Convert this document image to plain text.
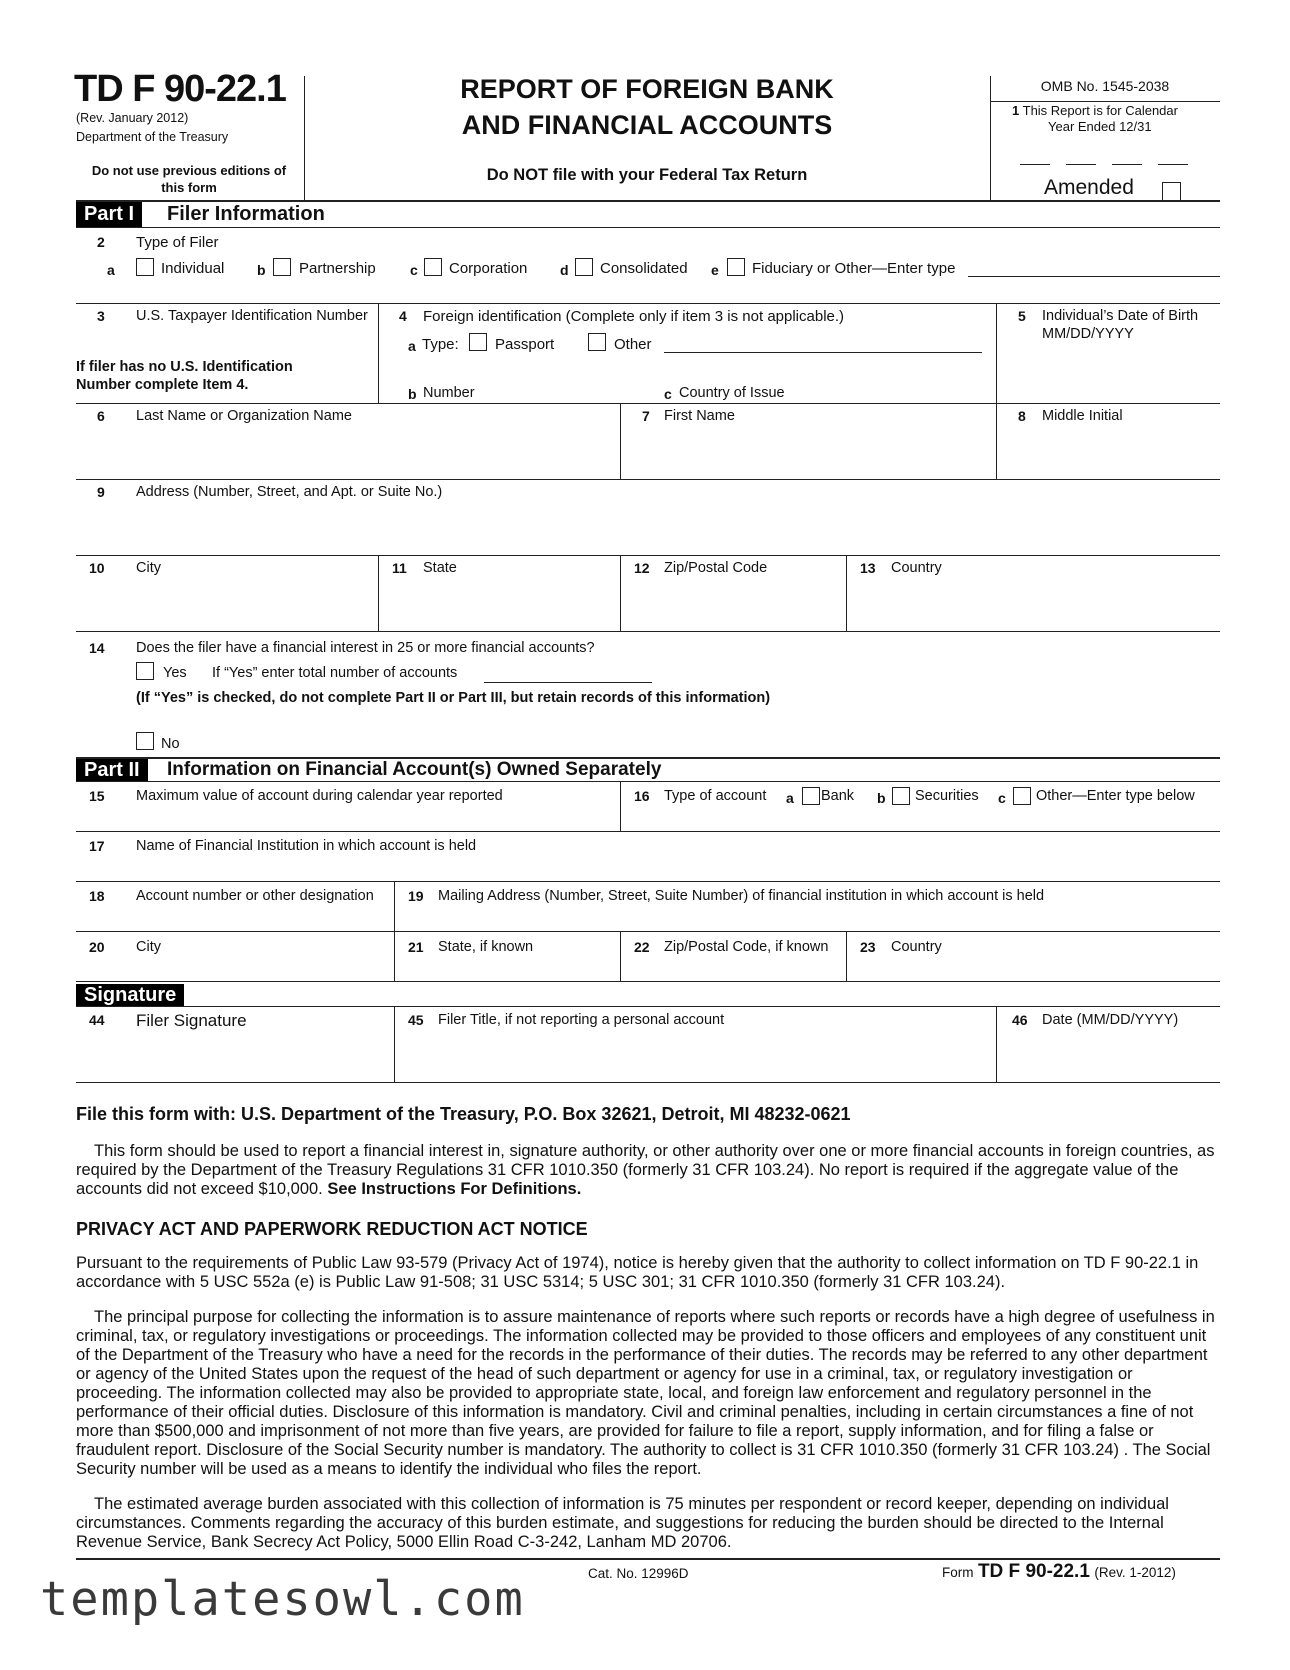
TD F 90-22.1
(Rev. January 2012)
Department of the Treasury
Do not use previous editions of this form
REPORT OF FOREIGN BANK
AND FINANCIAL ACCOUNTS
Do NOT file with your Federal Tax Return
OMB No. 1545-2038
1 This Report is for Calendar
Year Ended 12/31
Amended
Part I	Filer Information
2 Type of Filer
a	Individual b Partnership c Corporation d Consolidated e Fiduciary or Other—Enter type
3 U.S. Taxpayer Identification Number
If filer has no U.S. Identification Number complete Item 4.
4 Foreign identification (Complete only if item 3 is not applicable.)
a Type: Passport	Other
b Number	c Country of Issue
5 Individual’s Date of Birth
MM/DD/YYYY
6 Last Name or Organization Name	7 First Name	8 Middle Initial
9 Address (Number, Street, and Apt. or Suite No.)
10 City	11 State	12 Zip/Postal Code	13 Country
14 Does the filer have a financial interest in 25 or more financial accounts?
Yes If “Yes” enter total number of accounts
(If “Yes” is checked, do not complete Part II or Part III, but retain records of this information)
No
Part II	Information on Financial Account(s) Owned Separately
15 Maximum value of account during calendar year reported	16 Type of account a Bank b Securities c Other—Enter type below
17 Name of Financial Institution in which account is held
18 Account number or other designation 19 Mailing Address (Number, Street, Suite Number) of financial institution in which account is held
20 City	21 State, if known	22 Zip/Postal Code, if known 23 Country
Signature
44 Filer Signature	45 Filer Title, if not reporting a personal account	46 Date (MM/DD/YYYY)
File this form with: U.S. Department of the Treasury, P.O. Box 32621, Detroit, MI 48232-0621
This form should be used to report a financial interest in, signature authority, or other authority over one or more financial accounts in foreign countries, as required by the Department of the Treasury Regulations 31 CFR 1010.350 (formerly 31 CFR 103.24). No report is required if the aggregate value of the accounts did not exceed $10,000. See Instructions For Definitions.
PRIVACY ACT AND PAPERWORK REDUCTION ACT NOTICE
Pursuant to the requirements of Public Law 93-579 (Privacy Act of 1974), notice is hereby given that the authority to collect information on TD F 90-22.1 in accordance with 5 USC 552a (e) is Public Law 91-508; 31 USC 5314; 5 USC 301; 31 CFR 1010.350 (formerly 31 CFR 103.24).
The principal purpose for collecting the information is to assure maintenance of reports where such reports or records have a high degree of usefulness in criminal, tax, or regulatory investigations or proceedings. The information collected may be provided to those officers and employees of any constituent unit of the Department of the Treasury who have a need for the records in the performance of their duties. The records may be referred to any other department or agency of the United States upon the request of the head of such department or agency for use in a criminal, tax, or regulatory investigation or proceeding. The information collected may also be provided to appropriate state, local, and foreign law enforcement and regulatory personnel in the performance of their official duties. Disclosure of this information is mandatory. Civil and criminal penalties, including in certain circumstances a fine of not more than $500,000 and imprisonment of not more than five years, are provided for failure to file a report, supply information, and for filing a false or fraudulent report. Disclosure of the Social Security number is mandatory. The authority to collect is 31 CFR 1010.350 (formerly 31 CFR 103.24) . The Social Security number will be used as a means to identify the individual who files the report.
The estimated average burden associated with this collection of information is 75 minutes per respondent or record keeper, depending on individual circumstances. Comments regarding the accuracy of this burden estimate, and suggestions for reducing the burden should be directed to the Internal Revenue Service, Bank Secrecy Act Policy, 5000 Ellin Road C-3-242, Lanham MD 20706.
Cat. No. 12996D	Form TD F 90-22.1 (Rev. 1-2012)
templatesowl.com
